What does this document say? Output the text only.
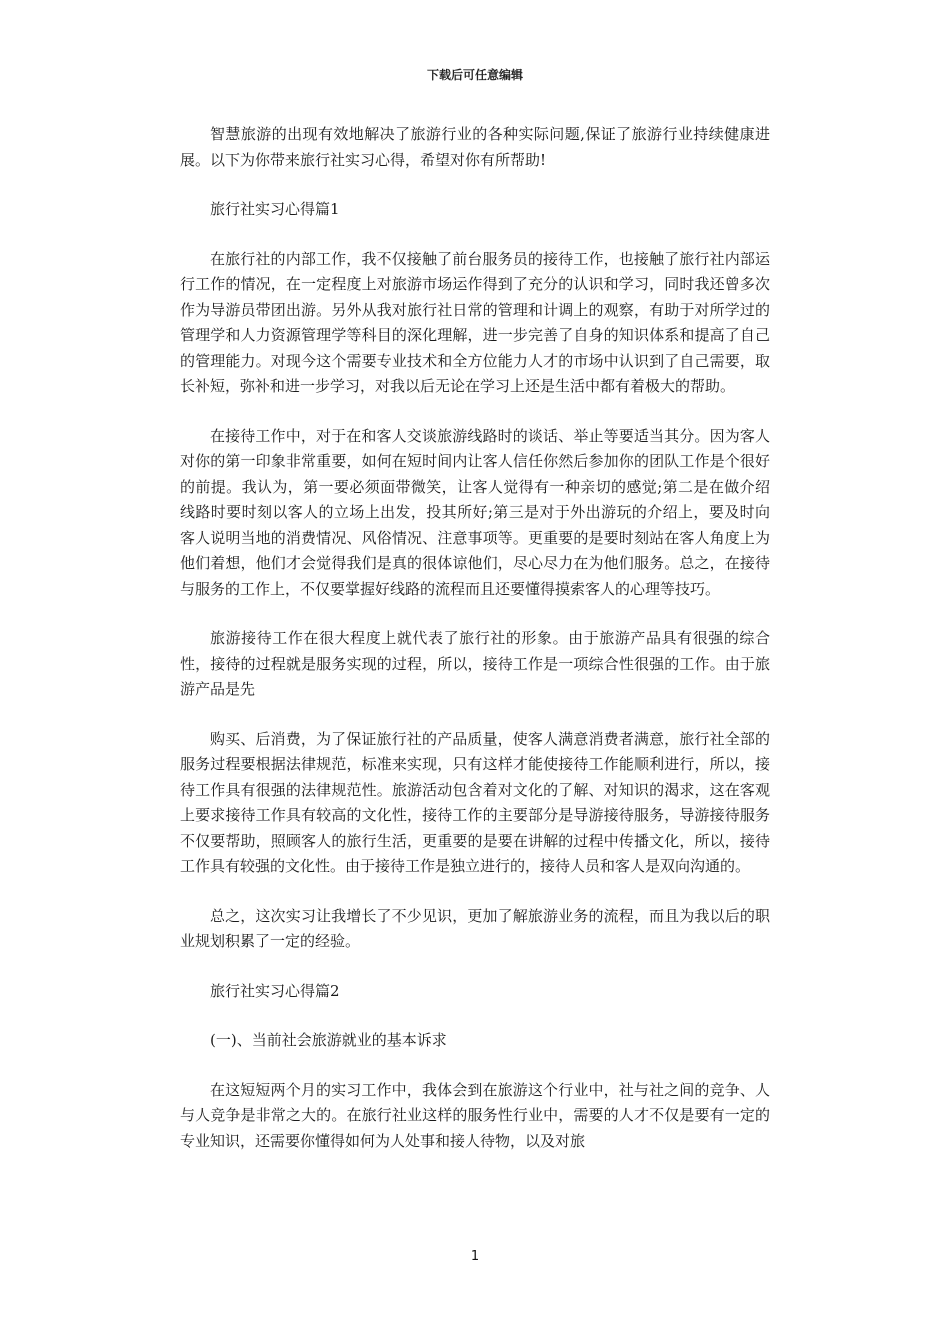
下载后可任意编辑

智慧旅游的出现有效地解决了旅游行业的各种实际问题,保证了旅游行业持续健康进展。以下为你带来旅行社实习心得，希望对你有所帮助!

旅行社实习心得篇1

在旅行社的内部工作，我不仅接触了前台服务员的接待工作，也接触了旅行社内部运行工作的情况，在一定程度上对旅游市场运作得到了充分的认识和学习，同时我还曾多次作为导游员带团出游。另外从我对旅行社日常的管理和计调上的观察，有助于对所学过的管理学和人力资源管理学等科目的深化理解，进一步完善了自身的知识体系和提高了自己的管理能力。对现今这个需要专业技术和全方位能力人才的市场中认识到了自己需要，取长补短，弥补和进一步学习，对我以后无论在学习上还是生活中都有着极大的帮助。

在接待工作中，对于在和客人交谈旅游线路时的谈话、举止等要适当其分。因为客人对你的第一印象非常重要，如何在短时间内让客人信任你然后参加你的团队工作是个很好的前提。我认为，第一要必须面带微笑，让客人觉得有一种亲切的感觉;第二是在做介绍线路时要时刻以客人的立场上出发，投其所好;第三是对于外出游玩的介绍上，要及时向客人说明当地的消费情况、风俗情况、注意事项等。更重要的是要时刻站在客人角度上为他们着想，他们才会觉得我们是真的很体谅他们，尽心尽力在为他们服务。总之，在接待与服务的工作上，不仅要掌握好线路的流程而且还要懂得摸索客人的心理等技巧。

旅游接待工作在很大程度上就代表了旅行社的形象。由于旅游产品具有很强的综合性，接待的过程就是服务实现的过程，所以，接待工作是一项综合性很强的工作。由于旅游产品是先

购买、后消费，为了保证旅行社的产品质量，使客人满意消费者满意，旅行社全部的服务过程要根据法律规范，标准来实现，只有这样才能使接待工作能顺利进行，所以，接待工作具有很强的法律规范性。旅游活动包含着对文化的了解、对知识的渴求，这在客观上要求接待工作具有较高的文化性，接待工作的主要部分是导游接待服务，导游接待服务不仅要帮助，照顾客人的旅行生活，更重要的是要在讲解的过程中传播文化，所以，接待工作具有较强的文化性。由于接待工作是独立进行的，接待人员和客人是双向沟通的。

总之，这次实习让我增长了不少见识，更加了解旅游业务的流程，而且为我以后的职业规划积累了一定的经验。

旅行社实习心得篇2

(一)、当前社会旅游就业的基本诉求

在这短短两个月的实习工作中，我体会到在旅游这个行业中，社与社之间的竞争、人与人竞争是非常之大的。在旅行社业这样的服务性行业中，需要的人才不仅是要有一定的专业知识，还需要你懂得如何为人处事和接人待物，以及对旅

1
